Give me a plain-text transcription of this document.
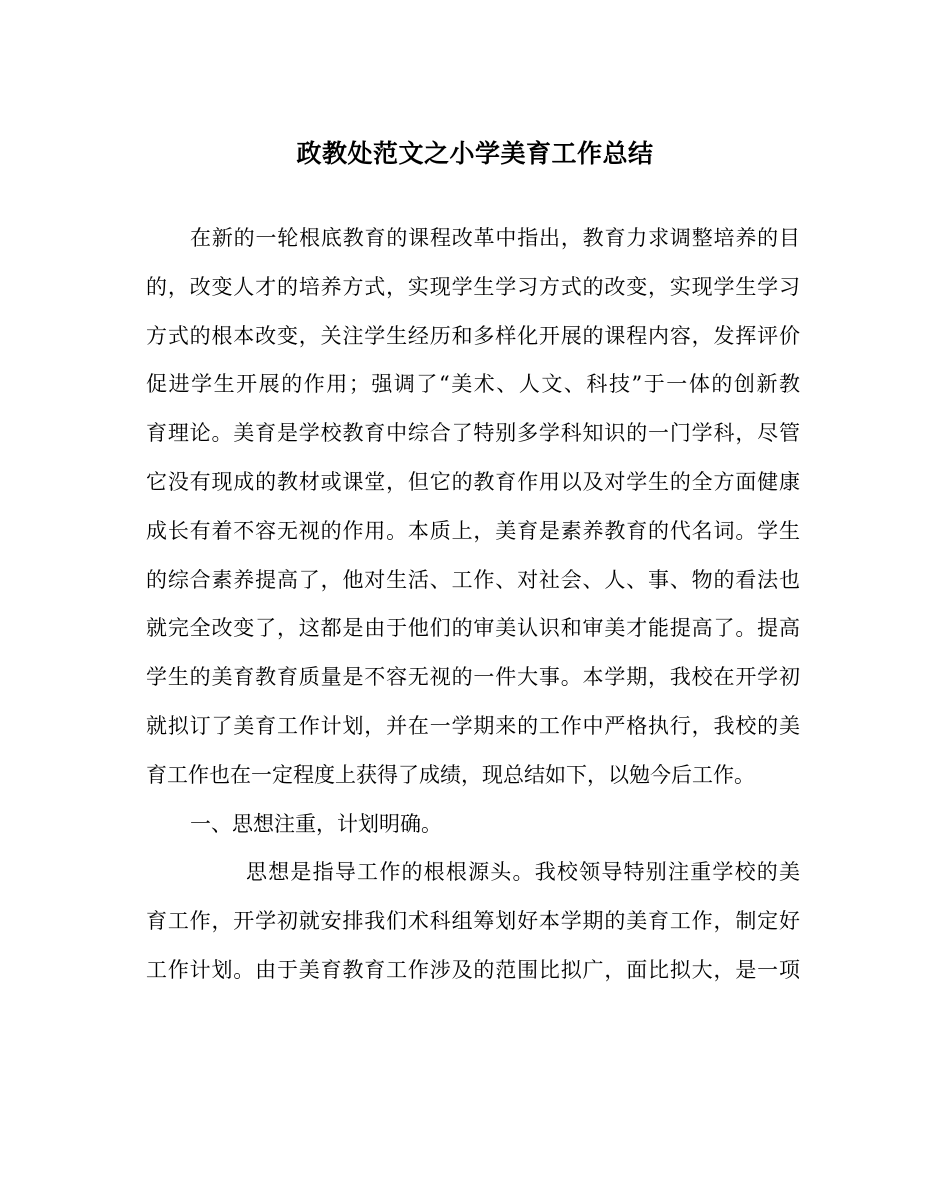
政教处范文之小学美育工作总结
在新的一轮根底教育的课程改革中指出，教育力求调整培养的目
的，改变人才的培养方式，实现学生学习方式的改变，实现学生学习
方式的根本改变，关注学生经历和多样化开展的课程内容，发挥评价
促进学生开展的作用；强调了“美术、人文、科技”于一体的创新教
育理论。美育是学校教育中综合了特别多学科知识的一门学科，尽管
它没有现成的教材或课堂，但它的教育作用以及对学生的全方面健康
成长有着不容无视的作用。本质上，美育是素养教育的代名词。学生
的综合素养提高了，他对生活、工作、对社会、人、事、物的看法也
就完全改变了，这都是由于他们的审美认识和审美才能提高了。提高
学生的美育教育质量是不容无视的一件大事。本学期，我校在开学初
就拟订了美育工作计划，并在一学期来的工作中严格执行，我校的美
育工作也在一定程度上获得了成绩，现总结如下，以勉今后工作。
一、思想注重，计划明确。
思想是指导工作的根根源头。我校领导特别注重学校的美
育工作，开学初就安排我们术科组筹划好本学期的美育工作，制定好
工作计划。由于美育教育工作涉及的范围比拟广，面比拟大，是一项
